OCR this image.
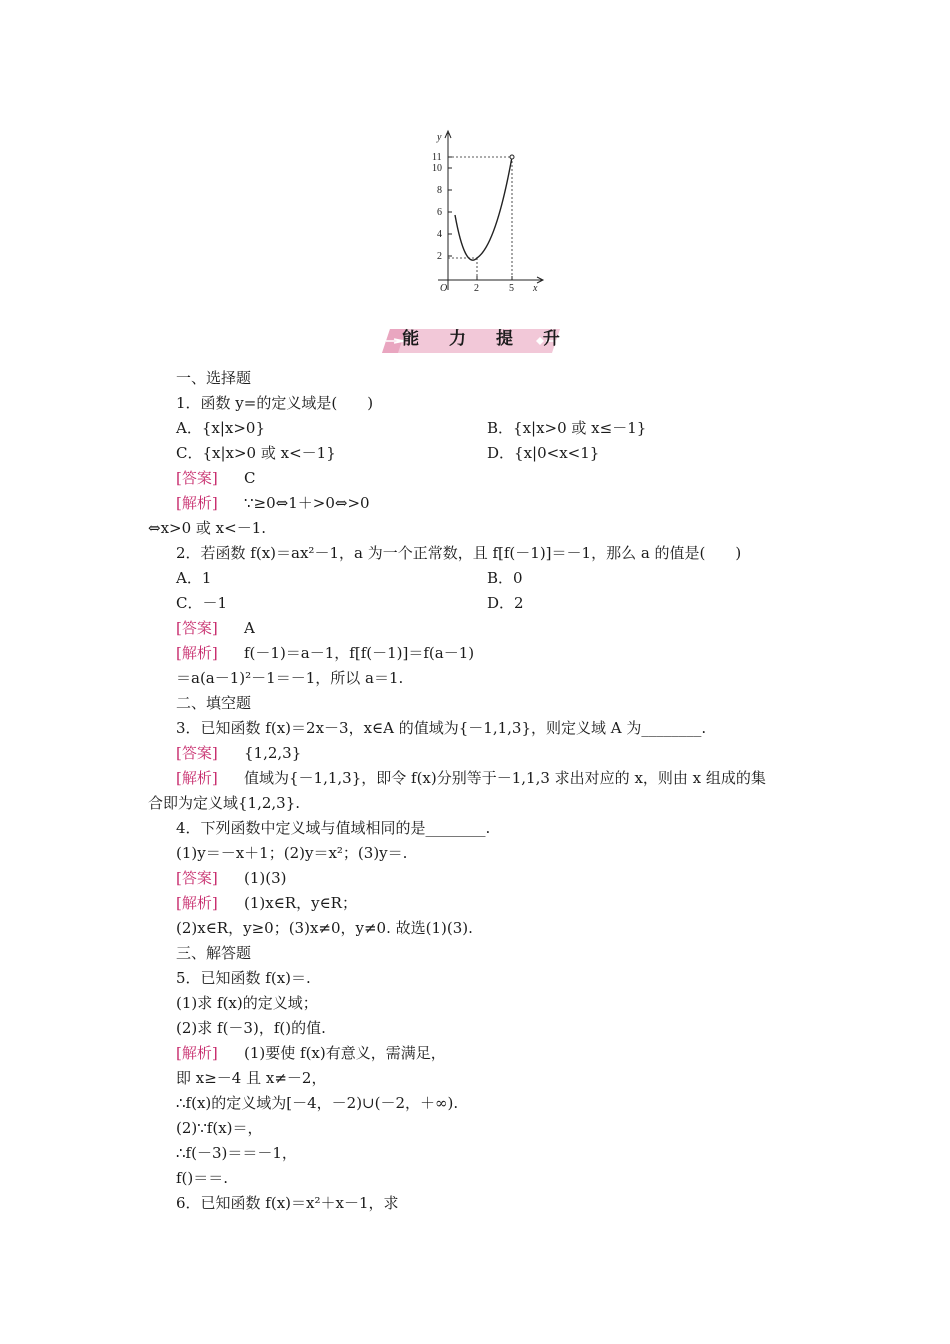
y
x
O
11
10
8
6
4
2
2	5
能 力 提 升
一、选择题
1．函数 y=的定义域是(　　)
A．{x|x>0}	B．{x|x>0 或 x≤－1}
C．{x|x>0 或 x<－1}	D．{x|0<x<1}
[答案] C
[解析] ∵≥0⇔1＋>0⇔>0
⇔x>0 或 x<－1.
2．若函数 f(x)＝ax²－1，a 为一个正常数，且 f[f(－1)]＝－1，那么 a 的值是(　　)
A．1	B．0
C．－1	D．2
[答案] A
[解析] f(－1)＝a－1，f[f(－1)]＝f(a－1)
＝a(a－1)²－1＝－1，所以 a＝1.
二、填空题
3．已知函数 f(x)＝2x－3，x∈A 的值域为{－1,1,3}，则定义域 A 为________.
[答案] {1,2,3}
[解析] 值域为{－1,1,3}，即令 f(x)分别等于－1,1,3 求出对应的 x，则由 x 组成的集
合即为定义域{1,2,3}.
4．下列函数中定义域与值域相同的是________.
(1)y＝－x＋1；(2)y＝x²；(3)y＝.
[答案] (1)(3)
[解析] (1)x∈R，y∈R；
(2)x∈R，y≥0；(3)x≠0，y≠0. 故选(1)(3).
三、解答题
5．已知函数 f(x)＝.
(1)求 f(x)的定义域；
(2)求 f(－3)，f()的值.
[解析] (1)要使 f(x)有意义，需满足，
即 x≥－4 且 x≠－2，
∴f(x)的定义域为[－4，－2)∪(－2，＋∞).
(2)∵f(x)＝，
∴f(－3)＝＝－1，
f()＝＝.
6．已知函数 f(x)＝x²＋x－1，求
